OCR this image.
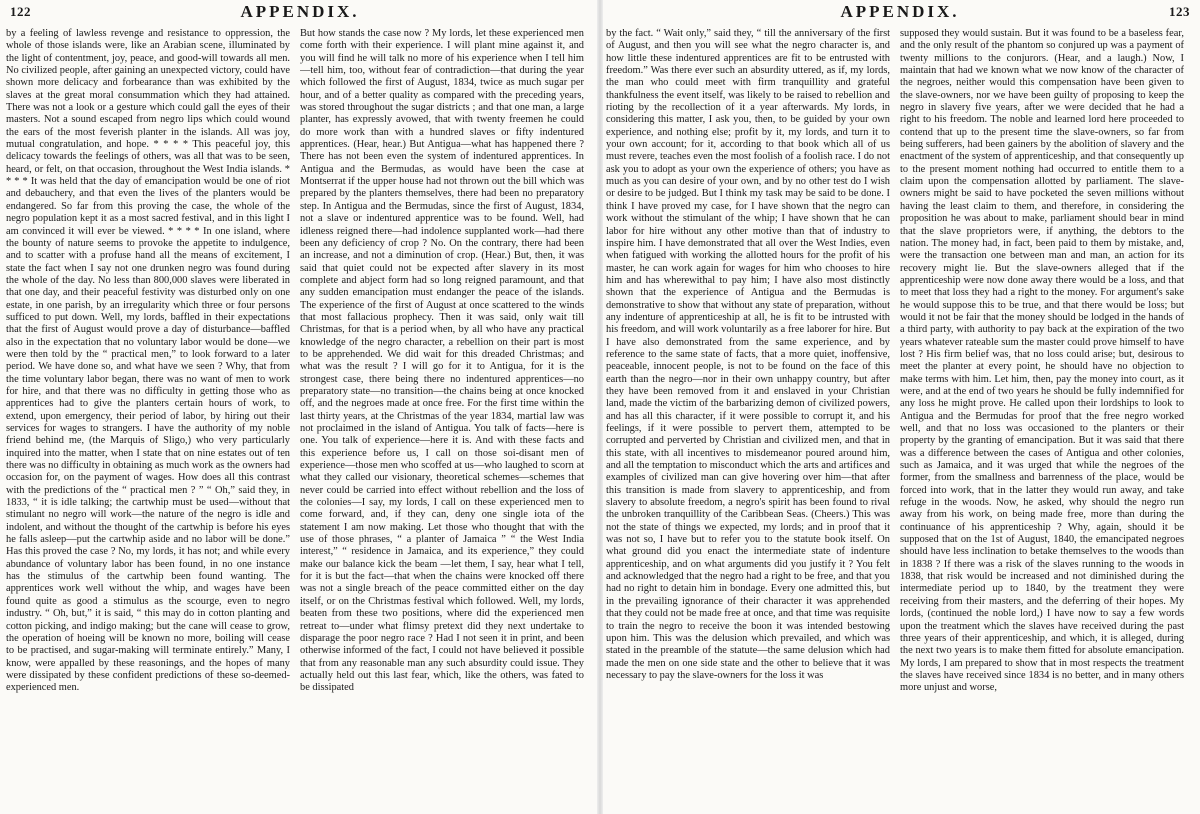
122	APPENDIX.

by a feeling of lawless revenge and resistance to oppression, the whole of those islands were, like an Arabian scene, illuminated by the light of contentment, joy, peace, and good-will towards all men. No civilized people, after gaining an unexpected victory, could have shown more delicacy and forbearance than was exhibited by the slaves at the great moral consummation which they had attained. There was not a look or a gesture which could gall the eyes of their masters. Not a sound escaped from negro lips which could wound the ears of the most feverish planter in the islands. All was joy, mutual congratulation, and hope. * * * * This peaceful joy, this delicacy towards the feelings of others, was all that was to be seen, heard, or felt, on that occasion, throughout the West India islands. * * * * It was held that the day of emancipation would be one of riot and debauchery, and that even the lives of the planters would be endangered. So far from this proving the case, the whole of the negro population kept it as a most sacred festival, and in this light I am convinced it will ever be viewed. * * * * In one island, where the bounty of nature seems to provoke the appetite to indulgence, and to scatter with a profuse hand all the means of excitement, I state the fact when I say not one drunken negro was found during the whole of the day. No less than 800,000 slaves were liberated in that one day, and their peaceful festivity was disturbed only on one estate, in one parish, by an irregularity which three or four persons sufficed to put down. Well, my lords, baffled in their expectations that the first of August would prove a day of disturbance—baffled also in the expectation that no voluntary labor would be done—we were then told by the “ practical men,” to look forward to a later period. We have done so, and what have we seen ? Why, that from the time voluntary labor began, there was no want of men to work for hire, and that there was no difficulty in getting those who as apprentices had to give the planters certain hours of work, to extend, upon emergency, their period of labor, by hiring out their services for wages to strangers. I have the authority of my noble friend behind me, (the Marquis of Sligo,) who very particularly inquired into the matter, when I state that on nine estates out of ten there was no difficulty in obtaining as much work as the owners had occasion for, on the payment of wages. How does all this contrast with the predictions of the “ practical men ? ” “ Oh,” said they, in 1833, “ it is idle talking; the cartwhip must be used—without that stimulant no negro will work—the nature of the negro is idle and indolent, and without the thought of the cartwhip is before his eyes he falls asleep—put the cartwhip aside and no labor will be done.” Has this proved the case ? No, my lords, it has not; and while every abundance of voluntary labor has been found, in no one instance has the stimulus of the cartwhip been found wanting. The apprentices work well without the whip, and wages have been found quite as good a stimulus as the scourge, even to negro industry. “ Oh, but,” it is said, “ this may do in cotton planting and cotton picking, and indigo making; but the cane will cease to grow, the operation of hoeing will be known no more, boiling will cease to be practised, and sugar-making will terminate entirely.” Many, I know, were appalled by these reasonings, and the hopes of many were dissipated by these confident predictions of these so-deemed-experienced men.

But how stands the case now ? My lords, let these experienced men come forth with their experience. I will plant mine against it, and you will find he will talk no more of his experience when I tell him—tell him, too, without fear of contradiction—that during the year which followed the first of August, 1834, twice as much sugar per hour, and of a better quality as compared with the preceding years, was stored throughout the sugar districts ; and that one man, a large planter, has expressly avowed, that with twenty freemen he could do more work than with a hundred slaves or fifty indentured apprentices. (Hear, hear.) But Antigua—what has happened there ? There has not been even the system of indentured apprentices. In Antigua and the Bermudas, as would have been the case at Montserrat if the upper house had not thrown out the bill which was prepared by the planters themselves, there had been no preparatory step. In Antigua and the Bermudas, since the first of August, 1834, not a slave or indentured apprentice was to be found. Well, had idleness reigned there—had indolence supplanted work—had there been any deficiency of crop ? No. On the contrary, there had been an increase, and not a diminution of crop. (Hear.) But, then, it was said that quiet could not be expected after slavery in its most complete and abject form had so long reigned paramount, and that any sudden emancipation must endanger the peace of the islands. The experience of the first of August at once scattered to the winds that most fallacious prophecy. Then it was said, only wait till Christmas, for that is a period when, by all who have any practical knowledge of the negro character, a rebellion on their part is most to be apprehended. We did wait for this dreaded Christmas; and what was the result ? I will go for it to Antigua, for it is the strongest case, there being there no indentured apprentices—no preparatory state—no transition—the chains being at once knocked off, and the negroes made at once free. For the first time within the last thirty years, at the Christmas of the year 1834, martial law was not proclaimed in the island of Antigua. You talk of facts—here is one. You talk of experience—here it is. And with these facts and this experience before us, I call on those soi-disant men of experience—those men who scoffed at us—who laughed to scorn at what they called our visionary, theoretical schemes—schemes that never could be carried into effect without rebellion and the loss of the colonies—I say, my lords, I call on these experienced men to come forward, and, if they can, deny one single iota of the statement I am now making. Let those who thought that with the use of those phrases, “ a planter of Jamaica ” “ the West India interest,” “ residence in Jamaica, and its experience,” they could make our balance kick the beam —let them, I say, hear what I tell, for it is but the fact—that when the chains were knocked off there was not a single breach of the peace committed either on the day itself, or on the Christmas festival which followed. Well, my lords, beaten from these two positions, where did the experienced men retreat to—under what flimsy pretext did they next undertake to disparage the poor negro race ? Had I not seen it in print, and been otherwise informed of the fact, I could not have believed it possible that from any reasonable man any such absurdity could issue. They actually held out this last fear, which, like the others, was fated to be dissipated

APPENDIX.	123

by the fact. “ Wait only,” said they, “ till the anniversary of the first of August, and then you will see what the negro character is, and how little these indentured apprentices are fit to be entrusted with freedom.” Was there ever such an absurdity uttered, as if, my lords, the man who could meet with firm tranquillity and grateful thankfulness the event itself, was likely to be raised to rebellion and rioting by the recollection of it a year afterwards. My lords, in considering this matter, I ask you, then, to be guided by your own experience, and nothing else; profit by it, my lords, and turn it to your own account; for it, according to that book which all of us must revere, teaches even the most foolish of a foolish race. I do not ask you to adopt as your own the experience of others; you have as much as you can desire of your own, and by no other test do I wish or desire to be judged. But I think my task may be said to be done. I think I have proved my case, for I have shown that the negro can work without the stimulant of the whip; I have shown that he can labor for hire without any other motive than that of industry to inspire him. I have demonstrated that all over the West Indies, even when fatigued with working the allotted hours for the profit of his master, he can work again for wages for him who chooses to hire him and has wherewithal to pay him; I have also most distinctly shown that the experience of Antigua and the Bermudas is demonstrative to show that without any state of preparation, without any indenture of apprenticeship at all, he is fit to be intrusted with his freedom, and will work voluntarily as a free laborer for hire. But I have also demonstrated from the same experience, and by reference to the same state of facts, that a more quiet, inoffensive, peaceable, innocent people, is not to be found on the face of this earth than the negro—nor in their own unhappy country, but after they have been removed from it and enslaved in your Christian land, made the victim of the barbarizing demon of civilized powers, and has all this character, if it were possible to corrupt it, and his feelings, if it were possible to pervert them, attempted to be corrupted and perverted by Christian and civilized men, and that in this state, with all incentives to misdemeanor poured around him, and all the temptation to misconduct which the arts and artifices and examples of civilized man can give hovering over him—that after this transition is made from slavery to apprenticeship, and from slavery to absolute freedom, a negro's spirit has been found to rival the unbroken tranquillity of the Caribbean Seas. (Cheers.) This was not the state of things we expected, my lords; and in proof that it was not so, I have but to refer you to the statute book itself. On what ground did you enact the intermediate state of indenture apprenticeship, and on what arguments did you justify it ? You felt and acknowledged that the negro had a right to be free, and that you had no right to detain him in bondage. Every one admitted this, but in the prevailing ignorance of their character it was apprehended that they could not be made free at once, and that time was requisite to train the negro to receive the boon it was intended bestowing upon him. This was the delusion which prevailed, and which was stated in the preamble of the statute—the same delusion which had made the men on one side state and the other to believe that it was necessary to pay the slave-owners for the loss it was

supposed they would sustain. But it was found to be a baseless fear, and the only result of the phantom so conjured up was a payment of twenty millions to the conjurors. (Hear, and a laugh.) Now, I maintain that had we known what we now know of the character of the negroes, neither would this compensation have been given to the slave-owners, nor we have been guilty of proposing to keep the negro in slavery five years, after we were decided that he had a right to his freedom. The noble and learned lord here proceeded to contend that up to the present time the slave-owners, so far from being sufferers, had been gainers by the abolition of slavery and the enactment of the system of apprenticeship, and that consequently up to the present moment nothing had occurred to entitle them to a claim upon the compensation allotted by parliament. The slave-owners might be said to have pocketed the seven millions without having the least claim to them, and therefore, in considering the proposition he was about to make, parliament should bear in mind that the slave proprietors were, if anything, the debtors to the nation. The money had, in fact, been paid to them by mistake, and, were the transaction one between man and man, an action for its recovery might lie. But the slave-owners alleged that if the apprenticeship were now done away there would be a loss, and that to meet that loss they had a right to the money. For argument's sake he would suppose this to be true, and that there would be loss; but would it not be fair that the money should be lodged in the hands of a third party, with authority to pay back at the expiration of the two years whatever rateable sum the master could prove himself to have lost ? His firm belief was, that no loss could arise; but, desirous to meet the planter at every point, he should have no objection to make terms with him. Let him, then, pay the money into court, as it were, and at the end of two years he should be fully indemnified for any loss he might prove. He called upon their lordships to look to Antigua and the Bermudas for proof that the free negro worked well, and that no loss was occasioned to the planters or their property by the granting of emancipation. But it was said that there was a difference between the cases of Antigua and other colonies, such as Jamaica, and it was urged that while the negroes of the former, from the smallness and barrenness of the place, would be forced into work, that in the latter they would run away, and take refuge in the woods. Now, he asked, why should the negro run away from his work, on being made free, more than during the continuance of his apprenticeship ? Why, again, should it be supposed that on the 1st of August, 1840, the emancipated negroes should have less inclination to betake themselves to the woods than in 1838 ? If there was a risk of the slaves running to the woods in 1838, that risk would be increased and not diminished during the intermediate period up to 1840, by the treatment they were receiving from their masters, and the deferring of their hopes. My lords, (continued the noble lord,) I have now to say a few words upon the treatment which the slaves have received during the past three years of their apprenticeship, and which, it is alleged, during the next two years is to make them fitted for absolute emancipation. My lords, I am prepared to show that in most respects the treatment the slaves have received since 1834 is no better, and in many others more unjust and worse,
